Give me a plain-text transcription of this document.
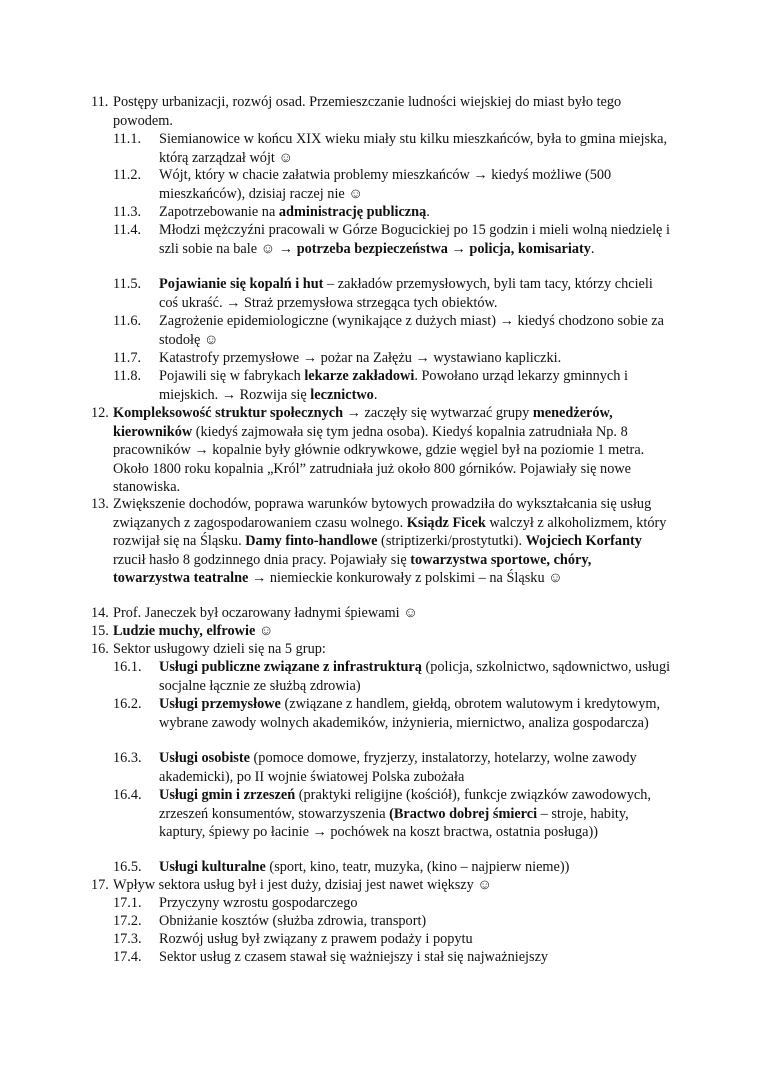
11. Postępy urbanizacji, rozwój osad. Przemieszczanie ludności wiejskiej do miast było tego powodem.
11.1. Siemianowice w końcu XIX wieku miały stu kilku mieszkańców, była to gmina miejska, którą zarządzał wójt ☺
11.2. Wójt, który w chacie załatwia problemy mieszkańców → kiedyś możliwe (500 mieszkańców), dzisiaj raczej nie ☺
11.3. Zapotrzebowanie na administrację publiczną.
11.4. Młodzi mężczyźni pracowali w Górze Bogucickiej po 15 godzin i mieli wolną niedzielę i szli sobie na bale ☺ → potrzeba bezpieczeństwa → policja, komisariaty.
11.5. Pojawianie się kopalń i hut – zakładów przemysłowych, byli tam tacy, którzy chcieli coś ukraść. → Straż przemysłowa strzegąca tych obiektów.
11.6. Zagrożenie epidemiologiczne (wynikające z dużych miast) → kiedyś chodzono sobie za stodołę ☺
11.7. Katastrofy przemysłowe → pożar na Załężu → wystawiano kapliczki.
11.8. Pojawili się w fabrykach lekarze zakładowi. Powołano urząd lekarzy gminnych i miejskich. → Rozwija się lecznictwo.
12. Kompleksowość struktur społecznych → zaczęły się wytwarzać grupy menedżerów, kierowników (kiedyś zajmowała się tym jedna osoba). Kiedyś kopalnia zatrudniała Np. 8 pracowników → kopalnie były głównie odkrywkowe, gdzie węgiel był na poziomie 1 metra. Około 1800 roku kopalnia „Król” zatrudniała już około 800 górników. Pojawiały się nowe stanowiska.
13. Zwiększenie dochodów, poprawa warunków bytowych prowadziła do wykształcania się usług związanych z zagospodarowaniem czasu wolnego. Ksiądz Ficek walczył z alkoholizmem, który rozwijał się na Śląsku. Damy finto-handlowe (striptizerki/prostytutki). Wojciech Korfanty rzucił hasło 8 godzinnego dnia pracy. Pojawiały się towarzystwa sportowe, chóry, towarzystwa teatralne → niemieckie konkurowały z polskimi – na Śląsku ☺
14. Prof. Janeczek był oczarowany ładnymi śpiewami ☺
15. Ludzie muchy, elfrowie ☺
16. Sektor usługowy dzieli się na 5 grup:
16.1. Usługi publiczne związane z infrastrukturą (policja, szkolnictwo, sądownictwo, usługi socjalne łącznie ze służbą zdrowia)
16.2. Usługi przemysłowe (związane z handlem, giełdą, obrotem walutowym i kredytowym, wybrane zawody wolnych akademików, inżynieria, miernictwo, analiza gospodarcza)
16.3. Usługi osobiste (pomoce domowe, fryzjerzy, instalatorzy, hotelarzy, wolne zawody akademicki), po II wojnie światowej Polska zubożała
16.4. Usługi gmin i zrzeszeń (praktyki religijne (kościół), funkcje związków zawodowych, zrzeszeń konsumentów, stowarzyszenia (Bractwo dobrej śmierci – stroje, habity, kaptury, śpiewy po łacinie → pochówek na koszt bractwa, ostatnia posługa))
16.5. Usługi kulturalne (sport, kino, teatr, muzyka, (kino – najpierw nieme))
17. Wpływ sektora usług był i jest duży, dzisiaj jest nawet większy ☺
17.1. Przyczyny wzrostu gospodarczego
17.2. Obniżanie kosztów (służba zdrowia, transport)
17.3. Rozwój usług był związany z prawem podaży i popytu
17.4. Sektor usług z czasem stawał się ważniejszy i stał się najważniejszy
